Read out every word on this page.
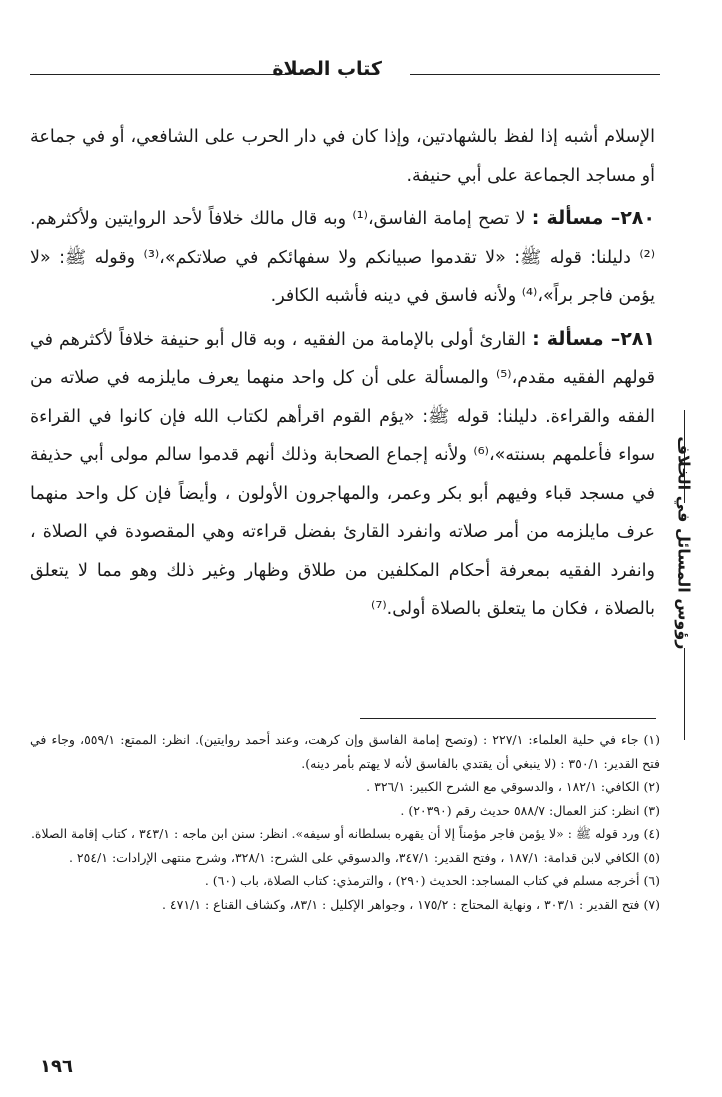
كتاب الصلاة

الإسلام أشبه إذا لفظ بالشهادتين، وإذا كان في دار الحرب على الشافعي، أو في جماعة أو مساجد الجماعة على أبي حنيفة.

٢٨٠– مسألة : لا تصح إمامة الفاسق،⁽¹⁾ وبه قال مالك خلافاً لأحد الروايتين ولأكثرهم.⁽²⁾ دليلنا: قوله ﷺ: «لا تقدموا صبيانكم ولا سفهائكم في صلاتكم»،⁽³⁾ وقوله ﷺ: «لا يؤمن فاجر براً»،⁽⁴⁾ ولأنه فاسق في دينه فأشبه الكافر.

٢٨١– مسألة : القارئ أولى بالإمامة من الفقيه ، وبه قال أبو حنيفة خلافاً لأكثرهم في قولهم الفقيه مقدم،⁽⁵⁾ والمسألة على أن كل واحد منهما يعرف مايلزمه في صلاته من الفقه والقراءة. دليلنا: قوله ﷺ: «يؤم القوم اقرأهم لكتاب الله فإن كانوا في القراءة سواء فأعلمهم بسنته»،⁽⁶⁾ ولأنه إجماع الصحابة وذلك أنهم قدموا سالم مولى أبي حذيفة في مسجد قباء وفيهم أبو بكر وعمر، والمهاجرون الأولون ، وأيضاً فإن كل واحد منهما عرف مايلزمه من أمر صلاته وانفرد القارئ بفضل قراءته وهي المقصودة في الصلاة ، وانفرد الفقيه بمعرفة أحكام المكلفين من طلاق وظهار وغير ذلك وهو مما لا يتعلق بالصلاة ، فكان ما يتعلق بالصلاة أولى.⁽⁷⁾ رؤوس المسائل في الخلاف

(١) جاء في حلية العلماء: ٢٢٧/١ : (وتصح إمامة الفاسق وإن كرهت، وعند أحمد روايتين). انظر: الممتع: ٥٥٩/١، وجاء في فتح القدير: ٣٥٠/١ : (لا ينبغي أن يقتدي بالفاسق لأنه لا يهتم بأمر دينه).

(٢) الكافي: ١٨٢/١ ، والدسوقي مع الشرح الكبير: ٣٢٦/١ .

(٣) انظر: كنز العمال: ٥٨٨/٧ حديث رقم (٢٠٣٩٠) .

(٤) ورد قوله ﷺ : «لا يؤمن فاجر مؤمناً إلا أن يقهره بسلطانه أو سيفه». انظر: سنن ابن ماجه : ٣٤٣/١ ، كتاب إقامة الصلاة.

(٥) الكافي لابن قدامة: ١٨٧/١ ، وفتح القدير: ٣٤٧/١، والدسوقي على الشرح: ٣٢٨/١، وشرح منتهى الإرادات: ٢٥٤/١ .

(٦) أخرجه مسلم في كتاب المساجد: الحديث (٢٩٠) ، والترمذي: كتاب الصلاة، باب (٦٠) .

(٧) فتح القدير : ٣٠٣/١ ، ونهاية المحتاج : ١٧٥/٢ ، وجواهر الإكليل : ٨٣/١، وكشاف القناع : ٤٧١/١ .

١٩٦
